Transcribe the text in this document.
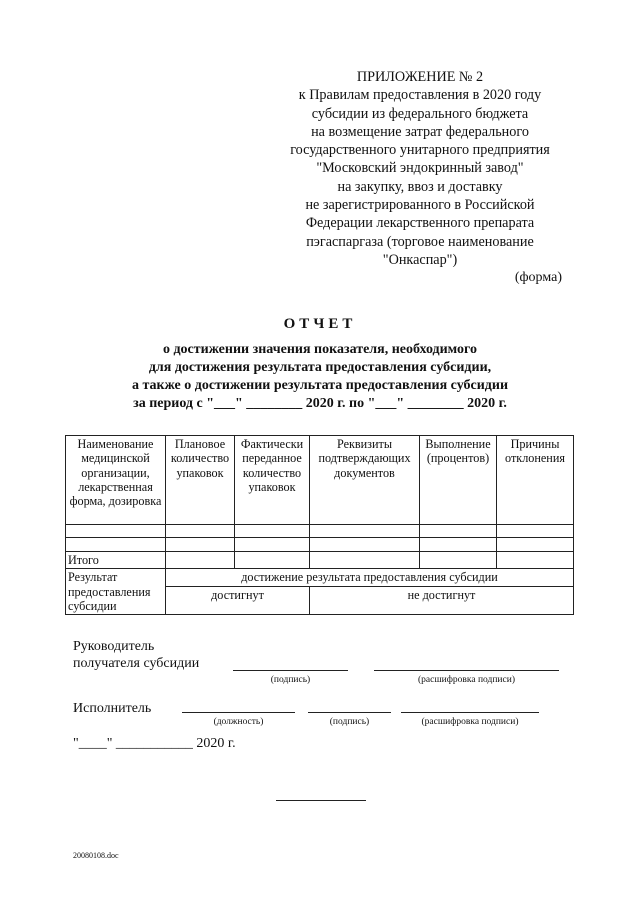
ПРИЛОЖЕНИЕ № 2
к Правилам предоставления в 2020 году
субсидии из федерального бюджета
на возмещение затрат федерального
государственного унитарного предприятия
"Московский эндокринный завод"
на закупку, ввоз и доставку
не зарегистрированного в Российской
Федерации лекарственного препарата
пэгаспаргаза (торговое наименование
"Онкаспар")
(форма)
ОТЧЕТ
о достижении значения показателя, необходимого
для достижения результата предоставления субсидии,
а также о достижении результата предоставления субсидии
за период с "___" ________ 2020 г. по "___" ________ 2020 г.
Наименование медицинской организации, лекарственная форма, дозировка	Плановое количество упаковок	Фактически переданное количество упаковок	Реквизиты подтверждающих документов	Выполнение (процентов)	Причины отклонения

Итого					
Результат предоставления субсидии	достижение результата предоставления субсидии				
	достигнут		не достигнут		
Руководитель
получателя субсидии
(подпись)	(расшифровка подписи)
Исполнитель
(должность)	(подпись)	(расшифровка подписи)
"____" ___________ 2020 г.
20080108.doc
